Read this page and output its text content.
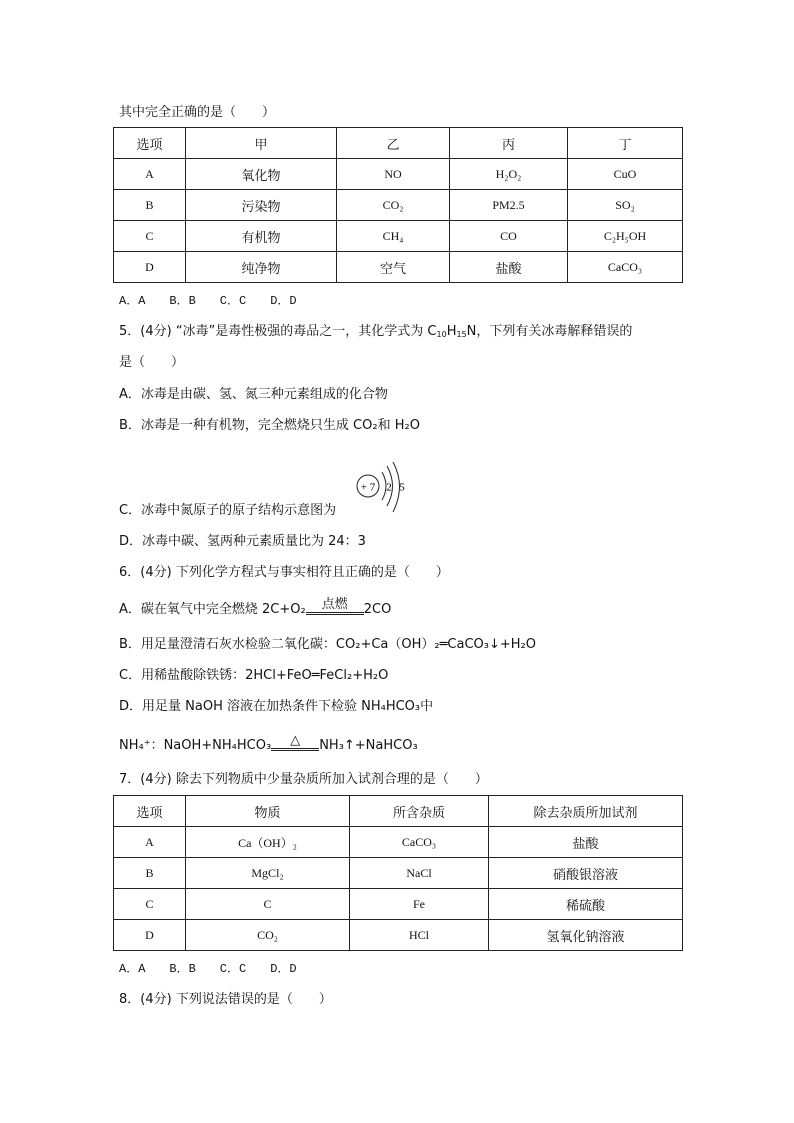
其中完全正确的是（　　）
选项	甲	乙	丙	丁
A	氧化物	NO	H₂O₂	CuO
B	污染物	CO₂	PM2.5	SO₂
C	有机物	CH₄	CO	C₂H₅OH
D	纯净物	空气	盐酸	CaCO₃
A．A　　B．B　　C．C　　D．D
5．(4分) “冰毒”是毒性极强的毒品之一，其化学式为 $C_{10}H_{15}N$，下列有关冰毒解释错误的
是（　　）
A．冰毒是由碳、氢、氮三种元素组成的化合物
B．冰毒是一种有机物，完全燃烧只生成 CO₂和 H₂O
+ 7 2 5
C．冰毒中氮原子的原子结构示意图为
D．冰毒中碳、氢两种元素质量比为 24：3
6．(4分) 下列化学方程式与事实相符且正确的是（　　）
A．碳在氧气中完全燃烧 2C+O₂	点燃	2CO
B．用足量澄清石灰水检验二氧化碳：CO₂+Ca（OH）₂═CaCO₃↓+H₂O
C．用稀盐酸除铁锈：2HCl+FeO═FeCl₂+H₂O
D．用足量 NaOH 溶液在加热条件下检验 NH₄HCO₃中
NH₄⁺：NaOH+NH₄HCO₃	△	NH₃↑+NaHCO₃
7．(4分) 除去下列物质中少量杂质所加入试剂合理的是（　　）
选项	物质	所含杂质	除去杂质所加试剂
A	Ca（OH）₂	CaCO₃	盐酸
B	MgCl₂	NaCl	硝酸银溶液
C	C	Fe	稀硫酸
D	CO₂	HCl	氢氧化钠溶液
A．A　　B．B　　C．C　　D．D
8．(4分) 下列说法错误的是（　　）
